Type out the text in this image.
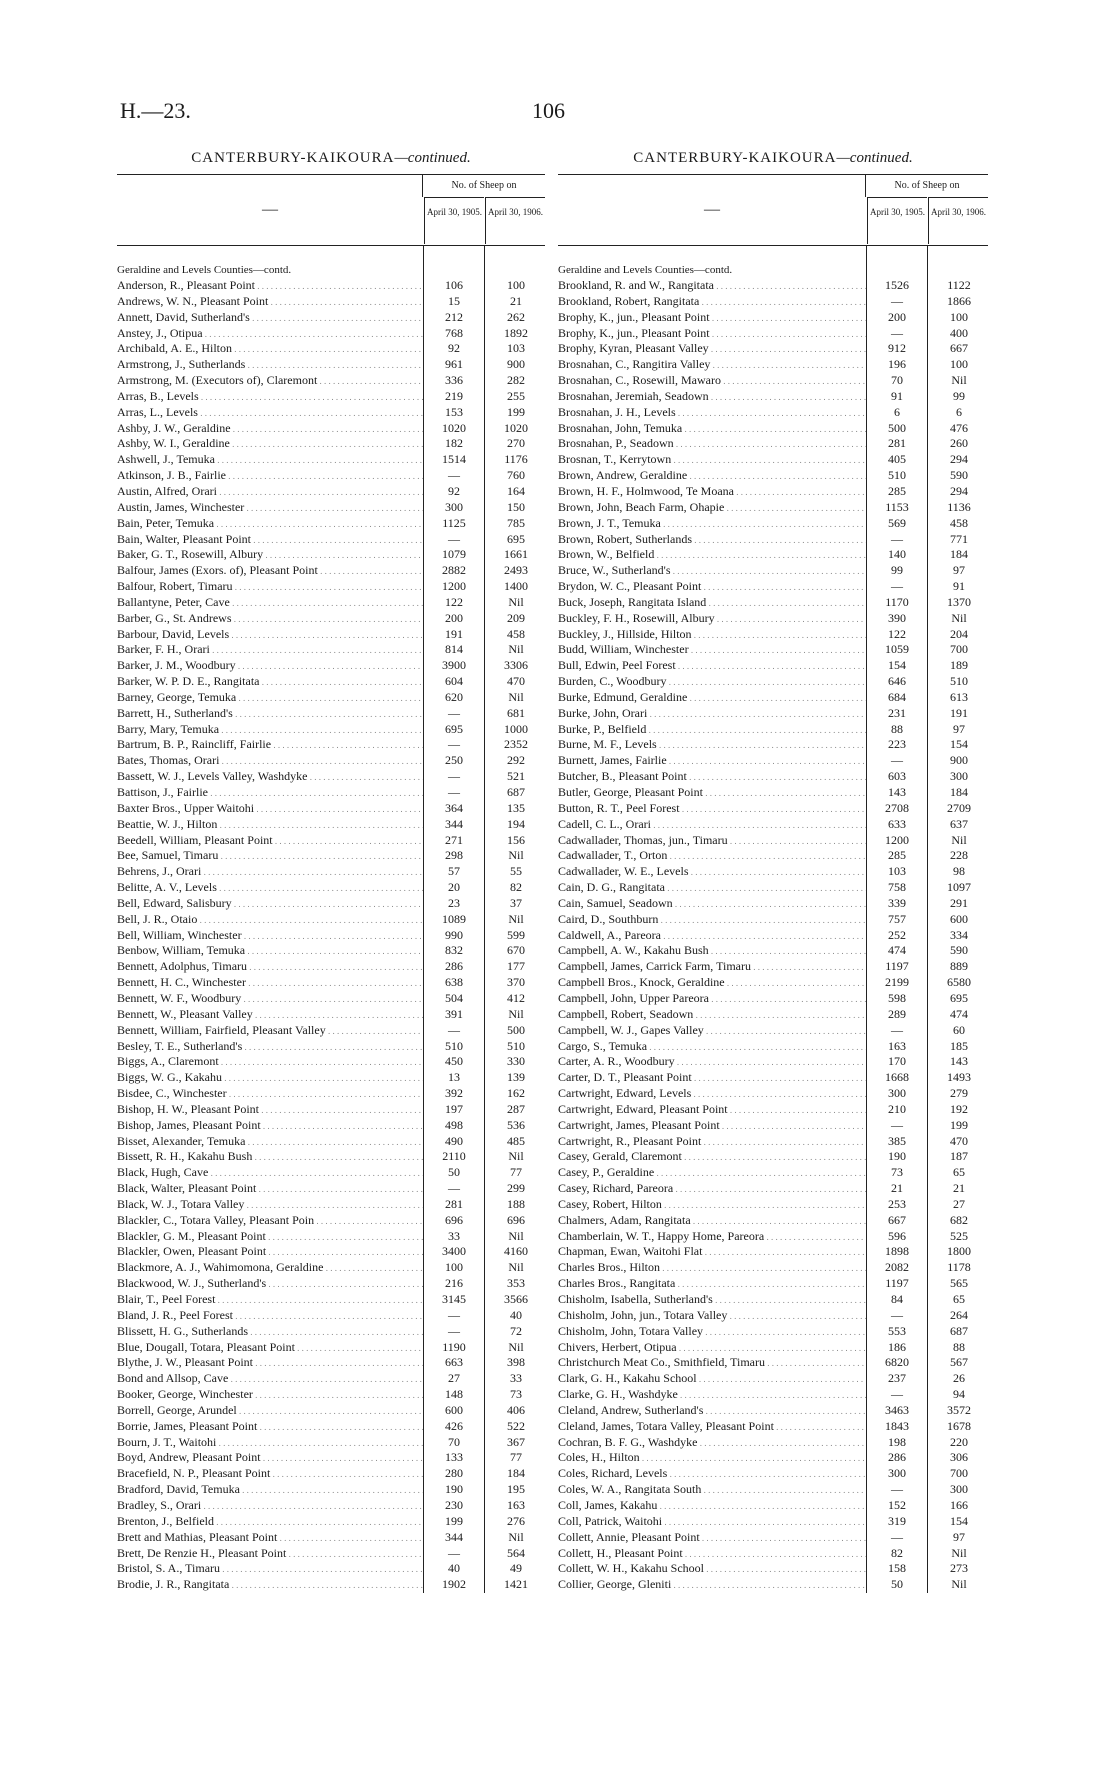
H.—23.	106
CANTERBURY-KAIKOURA—continued.
—
No. of Sheep on
April 30, 1905. April 30, 1906.
Geraldine and Levels Counties—contd.
Anderson, R., Pleasant Point . . .	106	100
Andrews, W. N., Pleasant Point . . .	15	21
Annett, David, Sutherland's . . .	212	262
Anstey, J., Otipua . . .	768	1892
Archibald, A. E., Hilton . . .	92	103
Armstrong, J., Sutherlands . . .	961	900
Armstrong, M. (Executors of), Claremont . . .	336	282
Arras, B., Levels . . .	219	255
Arras, L., Levels . . .	153	199
Ashby, J. W., Geraldine . . .	1020	1020
Ashby, W. I., Geraldine . . .	182	270
Ashwell, J., Temuka . . .	1514	1176
Atkinson, J. B., Fairlie . . .	—	760
Austin, Alfred, Orari . . .	92	164
Austin, James, Winchester . . .	300	150
Bain, Peter, Temuka . . .	1125	785
Bain, Walter, Pleasant Point . . .	—	695
Baker, G. T., Rosewill, Albury . . .	1079	1661
Balfour, James (Exors. of), Pleasant Point . . .	2882	2493
Balfour, Robert, Timaru . . .	1200	1400
Ballantyne, Peter, Cave . . .	122	Nil
Barber, G., St. Andrews . . .	200	209
Barbour, David, Levels . . .	191	458
Barker, F. H., Orari . . .	814	Nil
Barker, J. M., Woodbury . . .	3900	3306
Barker, W. P. D. E., Rangitata . . .	604	470
Barney, George, Temuka . . .	620	Nil
Barrett, H., Sutherland's . . .	—	681
Barry, Mary, Temuka . . .	695	1000
Bartrum, B. P., Raincliff, Fairlie . . .	—	2352
Bates, Thomas, Orari . . .	250	292
Bassett, W. J., Levels Valley, Washdyke . . .	—	521
Battison, J., Fairlie . . .	—	687
Baxter Bros., Upper Waitohi . . .	364	135
Beattie, W. J., Hilton . . .	344	194
Beedell, William, Pleasant Point . . .	271	156
Bee, Samuel, Timaru . . .	298	Nil
Behrens, J., Orari . . .	57	55
Belitte, A. V., Levels . . .	20	82
Bell, Edward, Salisbury . . .	23	37
Bell, J. R., Otaio . . .	1089	Nil
Bell, William, Winchester . . .	990	599
Benbow, William, Temuka . . .	832	670
Bennett, Adolphus, Timaru . . .	286	177
Bennett, H. C., Winchester . . .	638	370
Bennett, W. F., Woodbury . . .	504	412
Bennett, W., Pleasant Valley . . .	391	Nil
Bennett, William, Fairfield, Pleasant Valley . . .	—	500
Besley, T. E., Sutherland's . . .	510	510
Biggs, A., Claremont . . .	450	330
Biggs, W. G., Kakahu . . .	13	139
Bisdee, C., Winchester . . .	392	162
Bishop, H. W., Pleasant Point . . .	197	287
Bishop, James, Pleasant Point . . .	498	536
Bisset, Alexander, Temuka . . .	490	485
Bissett, R. H., Kakahu Bush . . .	2110	Nil
Black, Hugh, Cave . . .	50	77
Black, Walter, Pleasant Point . . .	—	299
Black, W. J., Totara Valley . . .	281	188
Blackler, C., Totara Valley, Pleasant Poin . . .	696	696
Blackler, G. M., Pleasant Point . . .	33	Nil
Blackler, Owen, Pleasant Point . . .	3400	4160
Blackmore, A. J., Wahimomona, Geraldine . . .	100	Nil
Blackwood, W. J., Sutherland's . . .	216	353
Blair, T., Peel Forest . . .	3145	3566
Bland, J. R., Peel Forest . . .	—	40
Blissett, H. G., Sutherlands . . .	—	72
Blue, Dougall, Totara, Pleasant Point . . .	1190	Nil
Blythe, J. W., Pleasant Point . . .	663	398
Bond and Allsop, Cave . . .	27	33
Booker, George, Winchester . . .	148	73
Borrell, George, Arundel . . .	600	406
Borrie, James, Pleasant Point . . .	426	522
Bourn, J. T., Waitohi . . .	70	367
Boyd, Andrew, Pleasant Point . . .	133	77
Bracefield, N. P., Pleasant Point . . .	280	184
Bradford, David, Temuka . . .	190	195
Bradley, S., Orari . . .	230	163
Brenton, J., Belfield . . .	199	276
Brett and Mathias, Pleasant Point . . .	344	Nil
Brett, De Renzie H., Pleasant Point . . .	—	564
Bristol, S. A., Timaru . . .	40	49
Brodie, J. R., Rangitata . . .	1902	1421
CANTERBURY-KAIKOURA—continued.
—
No. of Sheep on
April 30, 1905. April 30, 1906.
Geraldine and Levels Counties—contd.
Brookland, R. and W., Rangitata . . .	1526	1122
Brookland, Robert, Rangitata . . .	—	1866
Brophy, K., jun., Pleasant Point . . .	200	100
Brophy, K., jun., Pleasant Point . . .	—	400
Brophy, Kyran, Pleasant Valley . . .	912	667
Brosnahan, C., Rangitira Valley . . .	196	100
Brosnahan, C., Rosewill, Mawaro . . .	70	Nil
Brosnahan, Jeremiah, Seadown . . .	91	99
Brosnahan, J. H., Levels . . .	6	6
Brosnahan, John, Temuka . . .	500	476
Brosnahan, P., Seadown . . .	281	260
Brosnan, T., Kerrytown . . .	405	294
Brown, Andrew, Geraldine . . .	510	590
Brown, H. F., Holmwood, Te Moana . . .	285	294
Brown, John, Beach Farm, Ohapie . . .	1153	1136
Brown, J. T., Temuka . . .	569	458
Brown, Robert, Sutherlands . . .	—	771
Brown, W., Belfield . . .	140	184
Bruce, W., Sutherland's . . .	99	97
Brydon, W. C., Pleasant Point . . .	—	91
Buck, Joseph, Rangitata Island . . .	1170	1370
Buckley, F. H., Rosewill, Albury . . .	390	Nil
Buckley, J., Hillside, Hilton . . .	122	204
Budd, William, Winchester . . .	1059	700
Bull, Edwin, Peel Forest . . .	154	189
Burden, C., Woodbury . . .	646	510
Burke, Edmund, Geraldine . . .	684	613
Burke, John, Orari . . .	231	191
Burke, P., Belfield . . .	88	97
Burne, M. F., Levels . . .	223	154
Burnett, James, Fairlie . . .	—	900
Butcher, B., Pleasant Point . . .	603	300
Butler, George, Pleasant Point . . .	143	184
Button, R. T., Peel Forest . . .	2708	2709
Cadell, C. L., Orari . . .	633	637
Cadwallader, Thomas, jun., Timaru . . .	1200	Nil
Cadwallader, T., Orton . . .	285	228
Cadwallader, W. E., Levels . . .	103	98
Cain, D. G., Rangitata . . .	758	1097
Cain, Samuel, Seadown . . .	339	291
Caird, D., Southburn . . .	757	600
Caldwell, A., Pareora . . .	252	334
Campbell, A. W., Kakahu Bush . . .	474	590
Campbell, James, Carrick Farm, Timaru . . .	1197	889
Campbell Bros., Knock, Geraldine . . .	2199	6580
Campbell, John, Upper Pareora . . .	598	695
Campbell, Robert, Seadown . . .	289	474
Campbell, W. J., Gapes Valley . . .	—	60
Cargo, S., Temuka . . .	163	185
Carter, A. R., Woodbury . . .	170	143
Carter, D. T., Pleasant Point . . .	1668	1493
Cartwright, Edward, Levels . . .	300	279
Cartwright, Edward, Pleasant Point . . .	210	192
Cartwright, James, Pleasant Point . . .	—	199
Cartwright, R., Pleasant Point . . .	385	470
Casey, Gerald, Claremont . . .	190	187
Casey, P., Geraldine . . .	73	65
Casey, Richard, Pareora . . .	21	21
Casey, Robert, Hilton . . .	253	27
Chalmers, Adam, Rangitata . . .	667	682
Chamberlain, W. T., Happy Home, Pareora . . .	596	525
Chapman, Ewan, Waitohi Flat . . .	1898	1800
Charles Bros., Hilton . . .	2082	1178
Charles Bros., Rangitata . . .	1197	565
Chisholm, Isabella, Sutherland's . . .	84	65
Chisholm, John, jun., Totara Valley . . .	—	264
Chisholm, John, Totara Valley . . .	553	687
Chivers, Herbert, Otipua . . .	186	88
Christchurch Meat Co., Smithfield, Timaru . . .	6820	567
Clark, G. H., Kakahu School . . .	237	26
Clarke, G. H., Washdyke . . .	—	94
Cleland, Andrew, Sutherland's . . .	3463	3572
Cleland, James, Totara Valley, Pleasant Point . . .	1843	1678
Cochran, B. F. G., Washdyke . . .	198	220
Coles, H., Hilton . . .	286	306
Coles, Richard, Levels . . .	300	700
Coles, W. A., Rangitata South . . .	—	300
Coll, James, Kakahu . . .	152	166
Coll, Patrick, Waitohi . . .	319	154
Collett, Annie, Pleasant Point . . .	—	97
Collett, H., Pleasant Point . . .	82	Nil
Collett, W. H., Kakahu School . . .	158	273
Collier, George, Gleniti . . .	50	Nil
